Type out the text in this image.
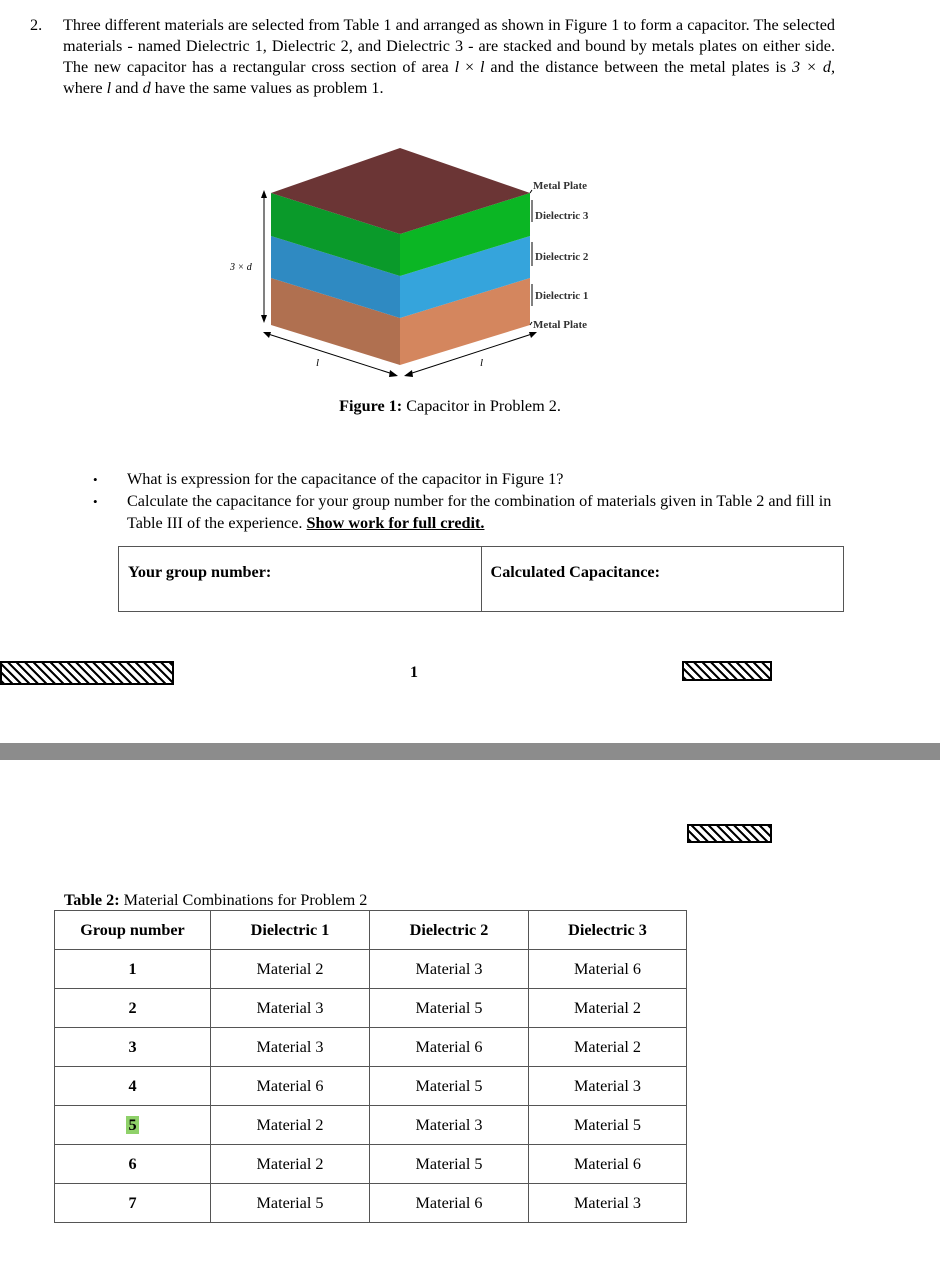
2. Three different materials are selected from Table 1 and arranged as shown in Figure 1 to form a capacitor. The selected materials - named Dielectric 1, Dielectric 2, and Dielectric 3 - are stacked and bound by metals plates on either side. The new capacitor has a rectangular cross section of area l × l and the distance between the metal plates is 3 × d, where l and d have the same values as problem 1.
3 × d
l	l
Metal Plate
Dielectric 3
Dielectric 2
Dielectric 1
Metal Plate
Figure 1: Capacitor in Problem 2.
• What is expression for the capacitance of the capacitor in Figure 1?
• Calculate the capacitance for your group number for the combination of materials given in Table 2 and fill in Table III of the experience. Show work for full credit.
Your group number:	Calculated Capacitance:
1
Table 2: Material Combinations for Problem 2
Group number	Dielectric 1	Dielectric 2	Dielectric 3
1	Material 2	Material 3	Material 6
2	Material 3	Material 5	Material 2
3	Material 3	Material 6	Material 2
4	Material 6	Material 5	Material 3
5	Material 2	Material 3	Material 5
6	Material 2	Material 5	Material 6
7	Material 5	Material 6	Material 3
